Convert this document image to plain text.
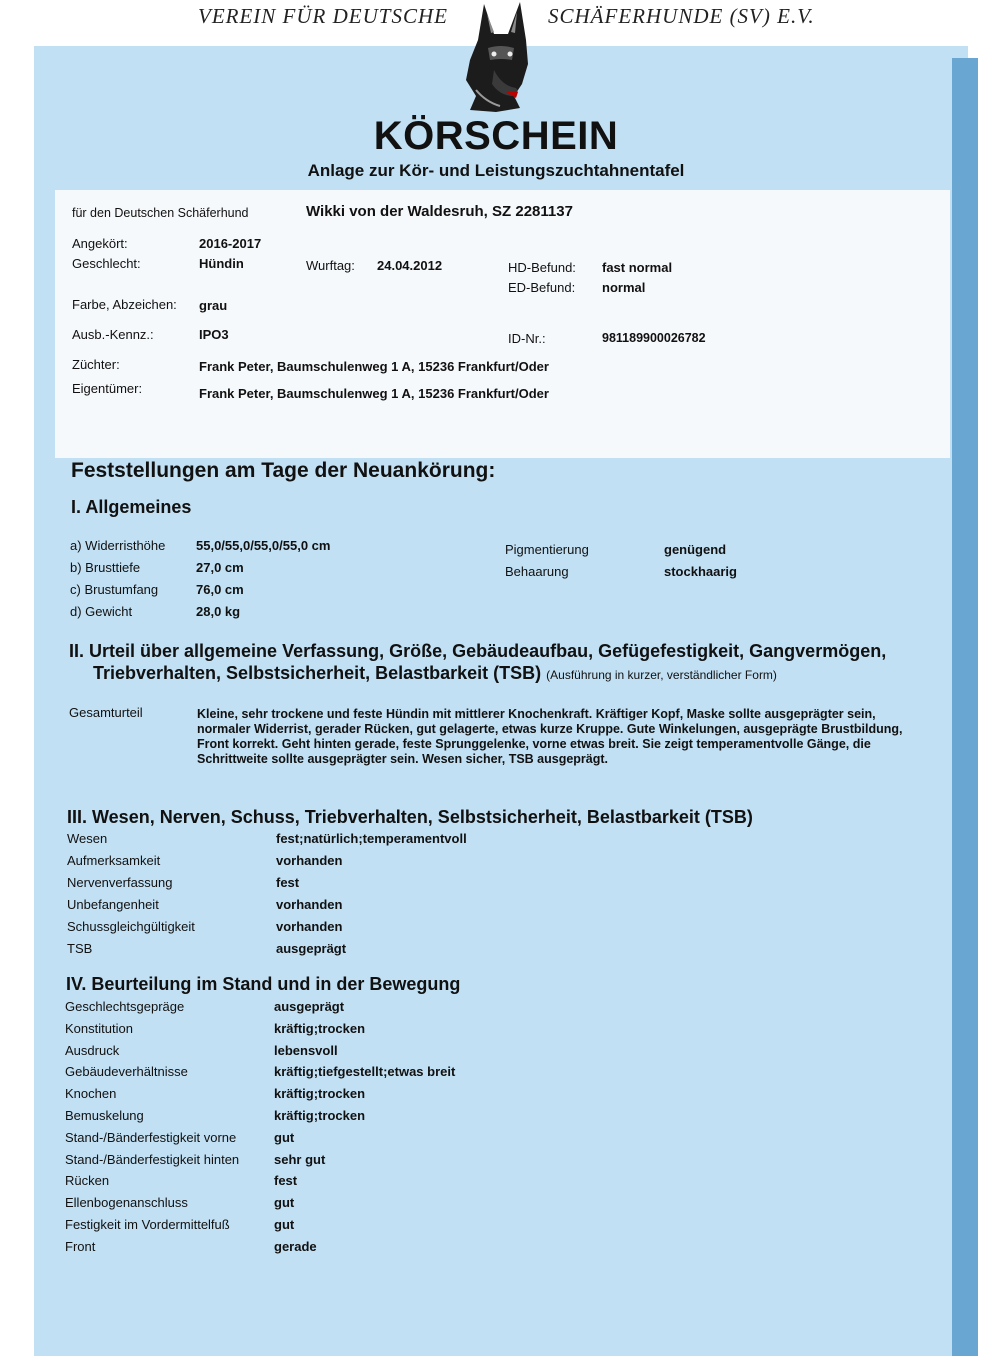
VEREIN FÜR DEUTSCHE	SCHÄFERHUNDE (SV) E.V.
KÖRSCHEIN
Anlage zur Kör- und Leistungszuchtahnentafel
für den Deutschen Schäferhund	Wikki von der Waldesruh, SZ 2281137
Angekört:	2016-2017
Geschlecht:	Hündin	Wurftag: 24.04.2012	HD-Befund: fast normal
ED-Befund: normal
Farbe, Abzeichen: grau
Ausb.-Kennz.:	IPO3	ID-Nr.:	981189900026782
Züchter:	Frank Peter, Baumschulenweg 1 A, 15236 Frankfurt/Oder
Eigentümer:	Frank Peter, Baumschulenweg 1 A, 15236 Frankfurt/Oder
Feststellungen am Tage der Neuankörung:
I. Allgemeines
a) Widerristhöhe 55,0/55,0/55,0/55,0 cm
b) Brusttiefe	27,0 cm
c) Brustumfang	76,0 cm
d) Gewicht	28,0 kg
Pigmentierung	genügend
Behaarung	stockhaarig
II. Urteil über allgemeine Verfassung, Größe, Gebäudeaufbau, Gefügefestigkeit, Gangvermögen,
Triebverhalten, Selbstsicherheit, Belastbarkeit (TSB) (Ausführung in kurzer, verständlicher Form)
Gesamturteil	Kleine, sehr trockene und feste Hündin mit mittlerer Knochenkraft. Kräftiger Kopf, Maske sollte ausgeprägter sein, normaler Widerrist, gerader Rücken, gut gelagerte, etwas kurze Kruppe. Gute Winkelungen, ausgeprägte Brustbildung, Front korrekt. Geht hinten gerade, feste Sprunggelenke, vorne etwas breit. Sie zeigt temperamentvolle Gänge, die Schrittweite sollte ausgeprägter sein. Wesen sicher, TSB ausgeprägt.
III. Wesen, Nerven, Schuss, Triebverhalten, Selbstsicherheit, Belastbarkeit (TSB)
Wesen	fest;natürlich;temperamentvoll
Aufmerksamkeit	vorhanden
Nervenverfassung	fest
Unbefangenheit	vorhanden
Schussgleichgültigkeit	vorhanden
TSB	ausgeprägt
IV. Beurteilung im Stand und in der Bewegung
Geschlechtsgepräge	ausgeprägt
Konstitution	kräftig;trocken
Ausdruck	lebensvoll
Gebäudeverhältnisse	kräftig;tiefgestellt;etwas breit
Knochen	kräftig;trocken
Bemuskelung	kräftig;trocken
Stand-/Bänderfestigkeit vorne	gut
Stand-/Bänderfestigkeit hinten	sehr gut
Rücken	fest
Ellenbogenanschluss	gut
Festigkeit im Vordermittelfuß	gut
Front	gerade
